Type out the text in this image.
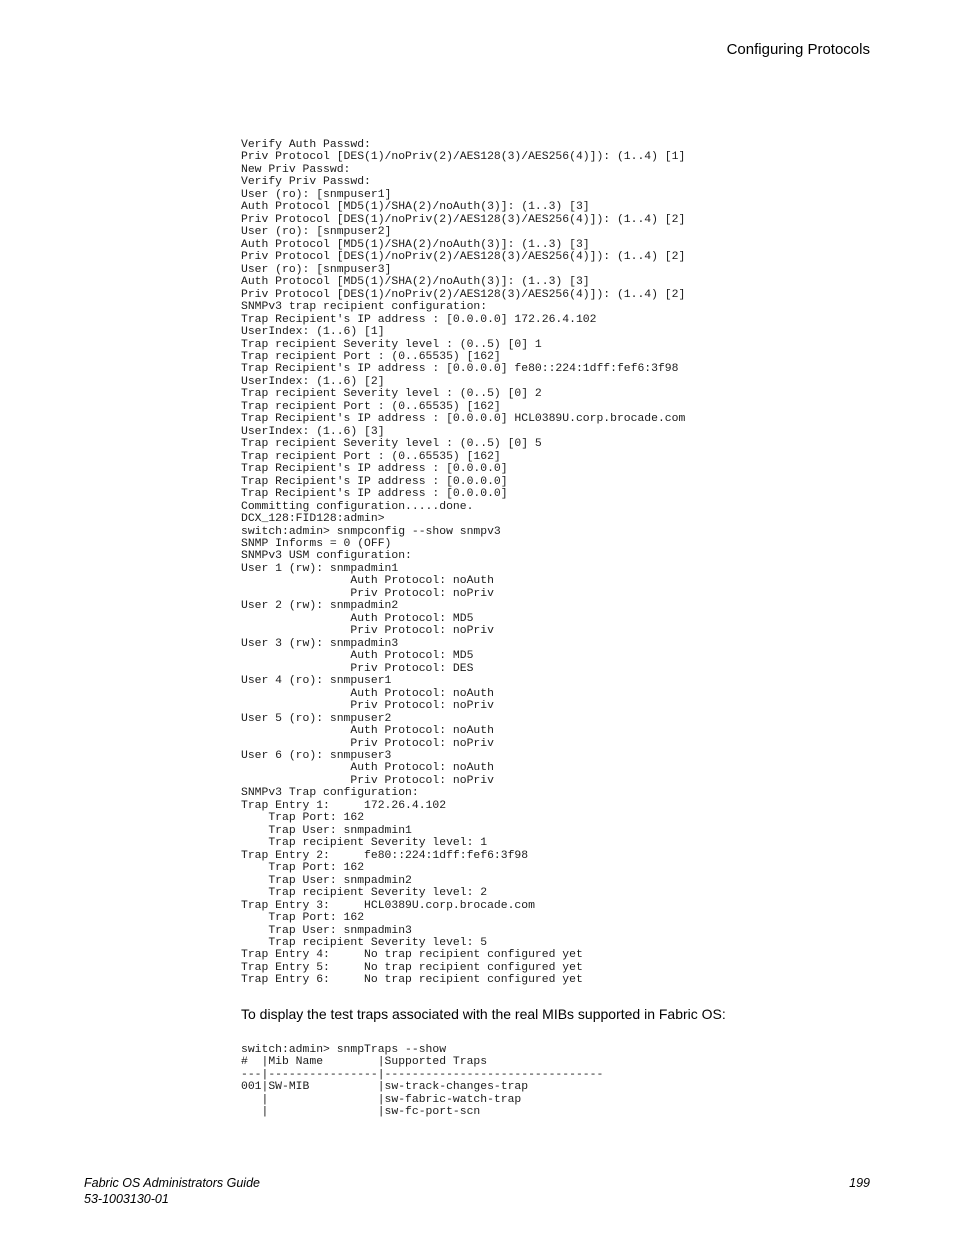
Configuring Protocols
Verify Auth Passwd:
Priv Protocol [DES(1)/noPriv(2)/AES128(3)/AES256(4)]): (1..4) [1]
New Priv Passwd:
Verify Priv Passwd:
User (ro): [snmpuser1]
Auth Protocol [MD5(1)/SHA(2)/noAuth(3)]: (1..3) [3]
Priv Protocol [DES(1)/noPriv(2)/AES128(3)/AES256(4)]): (1..4) [2]
User (ro): [snmpuser2]
Auth Protocol [MD5(1)/SHA(2)/noAuth(3)]: (1..3) [3]
Priv Protocol [DES(1)/noPriv(2)/AES128(3)/AES256(4)]): (1..4) [2]
User (ro): [snmpuser3]
Auth Protocol [MD5(1)/SHA(2)/noAuth(3)]: (1..3) [3]
Priv Protocol [DES(1)/noPriv(2)/AES128(3)/AES256(4)]): (1..4) [2]
SNMPv3 trap recipient configuration:
Trap Recipient's IP address : [0.0.0.0] 172.26.4.102
UserIndex: (1..6) [1]
Trap recipient Severity level : (0..5) [0] 1
Trap recipient Port : (0..65535) [162]
Trap Recipient's IP address : [0.0.0.0] fe80::224:1dff:fef6:3f98
UserIndex: (1..6) [2]
Trap recipient Severity level : (0..5) [0] 2
Trap recipient Port : (0..65535) [162]
Trap Recipient's IP address : [0.0.0.0] HCL0389U.corp.brocade.com
UserIndex: (1..6) [3]
Trap recipient Severity level : (0..5) [0] 5
Trap recipient Port : (0..65535) [162]
Trap Recipient's IP address : [0.0.0.0]
Trap Recipient's IP address : [0.0.0.0]
Trap Recipient's IP address : [0.0.0.0]
Committing configuration.....done.
DCX_128:FID128:admin>
switch:admin> snmpconfig --show snmpv3
SNMP Informs = 0 (OFF)
SNMPv3 USM configuration:
User 1 (rw): snmpadmin1
Auth Protocol: noAuth
Priv Protocol: noPriv
User 2 (rw): snmpadmin2
Auth Protocol: MD5
Priv Protocol: noPriv
User 3 (rw): snmpadmin3
Auth Protocol: MD5
Priv Protocol: DES
User 4 (ro): snmpuser1
Auth Protocol: noAuth
Priv Protocol: noPriv
User 5 (ro): snmpuser2
Auth Protocol: noAuth
Priv Protocol: noPriv
User 6 (ro): snmpuser3
Auth Protocol: noAuth
Priv Protocol: noPriv
SNMPv3 Trap configuration:
Trap Entry 1:     172.26.4.102
Trap Port: 162
Trap User: snmpadmin1
Trap recipient Severity level: 1
Trap Entry 2:     fe80::224:1dff:fef6:3f98
Trap Port: 162
Trap User: snmpadmin2
Trap recipient Severity level: 2
Trap Entry 3:     HCL0389U.corp.brocade.com
Trap Port: 162
Trap User: snmpadmin3
Trap recipient Severity level: 5
Trap Entry 4:     No trap recipient configured yet
Trap Entry 5:     No trap recipient configured yet
Trap Entry 6:     No trap recipient configured yet

To display the test traps associated with the real MIBs supported in Fabric OS:

switch:admin> snmpTraps --show
#  |Mib Name        |Supported Traps
---|----------------|--------------------------------
001|SW-MIB          |sw-track-changes-trap
|                |sw-fabric-watch-trap
|                |sw-fc-port-scn
Fabric OS Administrators Guide
53-1003130-01
199
